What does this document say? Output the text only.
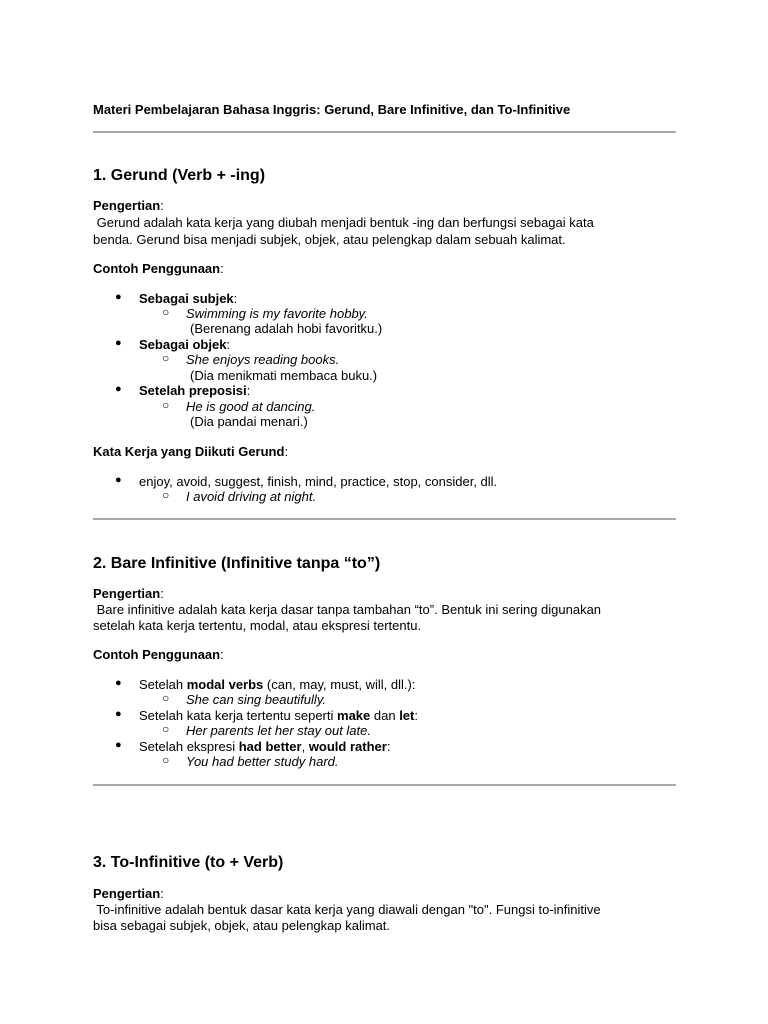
Materi Pembelajaran Bahasa Inggris: Gerund, Bare Infinitive, dan To-Infinitive
1. Gerund (Verb + -ing)
Pengertian:
Gerund adalah kata kerja yang diubah menjadi bentuk -ing dan berfungsi sebagai kata
benda. Gerund bisa menjadi subjek, objek, atau pelengkap dalam sebuah kalimat.
Contoh Penggunaan:
● Sebagai subjek:
○ Swimming is my favorite hobby.
(Berenang adalah hobi favoritku.)
● Sebagai objek:
○ She enjoys reading books.
(Dia menikmati membaca buku.)
● Setelah preposisi:
○ He is good at dancing.
(Dia pandai menari.)
Kata Kerja yang Diikuti Gerund:
● enjoy, avoid, suggest, finish, mind, practice, stop, consider, dll.
○ I avoid driving at night.
2. Bare Infinitive (Infinitive tanpa “to”)
Pengertian:
Bare infinitive adalah kata kerja dasar tanpa tambahan “to”. Bentuk ini sering digunakan
setelah kata kerja tertentu, modal, atau ekspresi tertentu.
Contoh Penggunaan:
● Setelah modal verbs (can, may, must, will, dll.):
○ She can sing beautifully.
● Setelah kata kerja tertentu seperti make dan let:
○ Her parents let her stay out late.
● Setelah ekspresi had better, would rather:
○ You had better study hard.
3. To-Infinitive (to + Verb)
Pengertian:
To-infinitive adalah bentuk dasar kata kerja yang diawali dengan "to". Fungsi to-infinitive
bisa sebagai subjek, objek, atau pelengkap kalimat.
